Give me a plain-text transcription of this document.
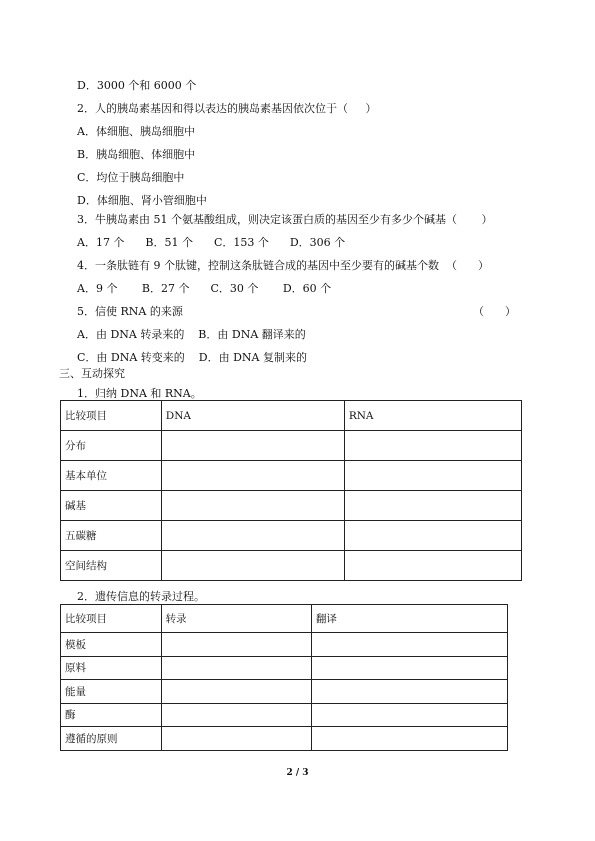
D．3000 个和 6000 个
2．人的胰岛素基因和得以表达的胰岛素基因依次位于（     ）
A．体细胞、胰岛细胞中
B．胰岛细胞、体细胞中
C．均位于胰岛细胞中
D．体细胞、肾小管细胞中
3．牛胰岛素由 51 个氨基酸组成，则决定该蛋白质的基因至少有多少个碱基（       ）
A．17 个      B．51 个      C．153 个      D．306 个
4．一条肽链有 9 个肽键，控制这条肽链合成的基因中至少要有的碱基个数  （      ）
A．9 个       B．27 个      C．30 个       D．60 个
5．信使 RNA 的来源	（      ）
A．由 DNA 转录来的    B．由 DNA 翻译来的
C．由 DNA 转变来的    D．由 DNA 复制来的
三、互动探究
1．归纳 DNA 和 RNA。
比较项目	DNA	RNA
分布		
基本单位		
碱基		
五碳糖		
空间结构		
2．遗传信息的转录过程。
比较项目	转录	翻译
模板		
原料		
能量		
酶		
遵循的原则		
2 / 3
